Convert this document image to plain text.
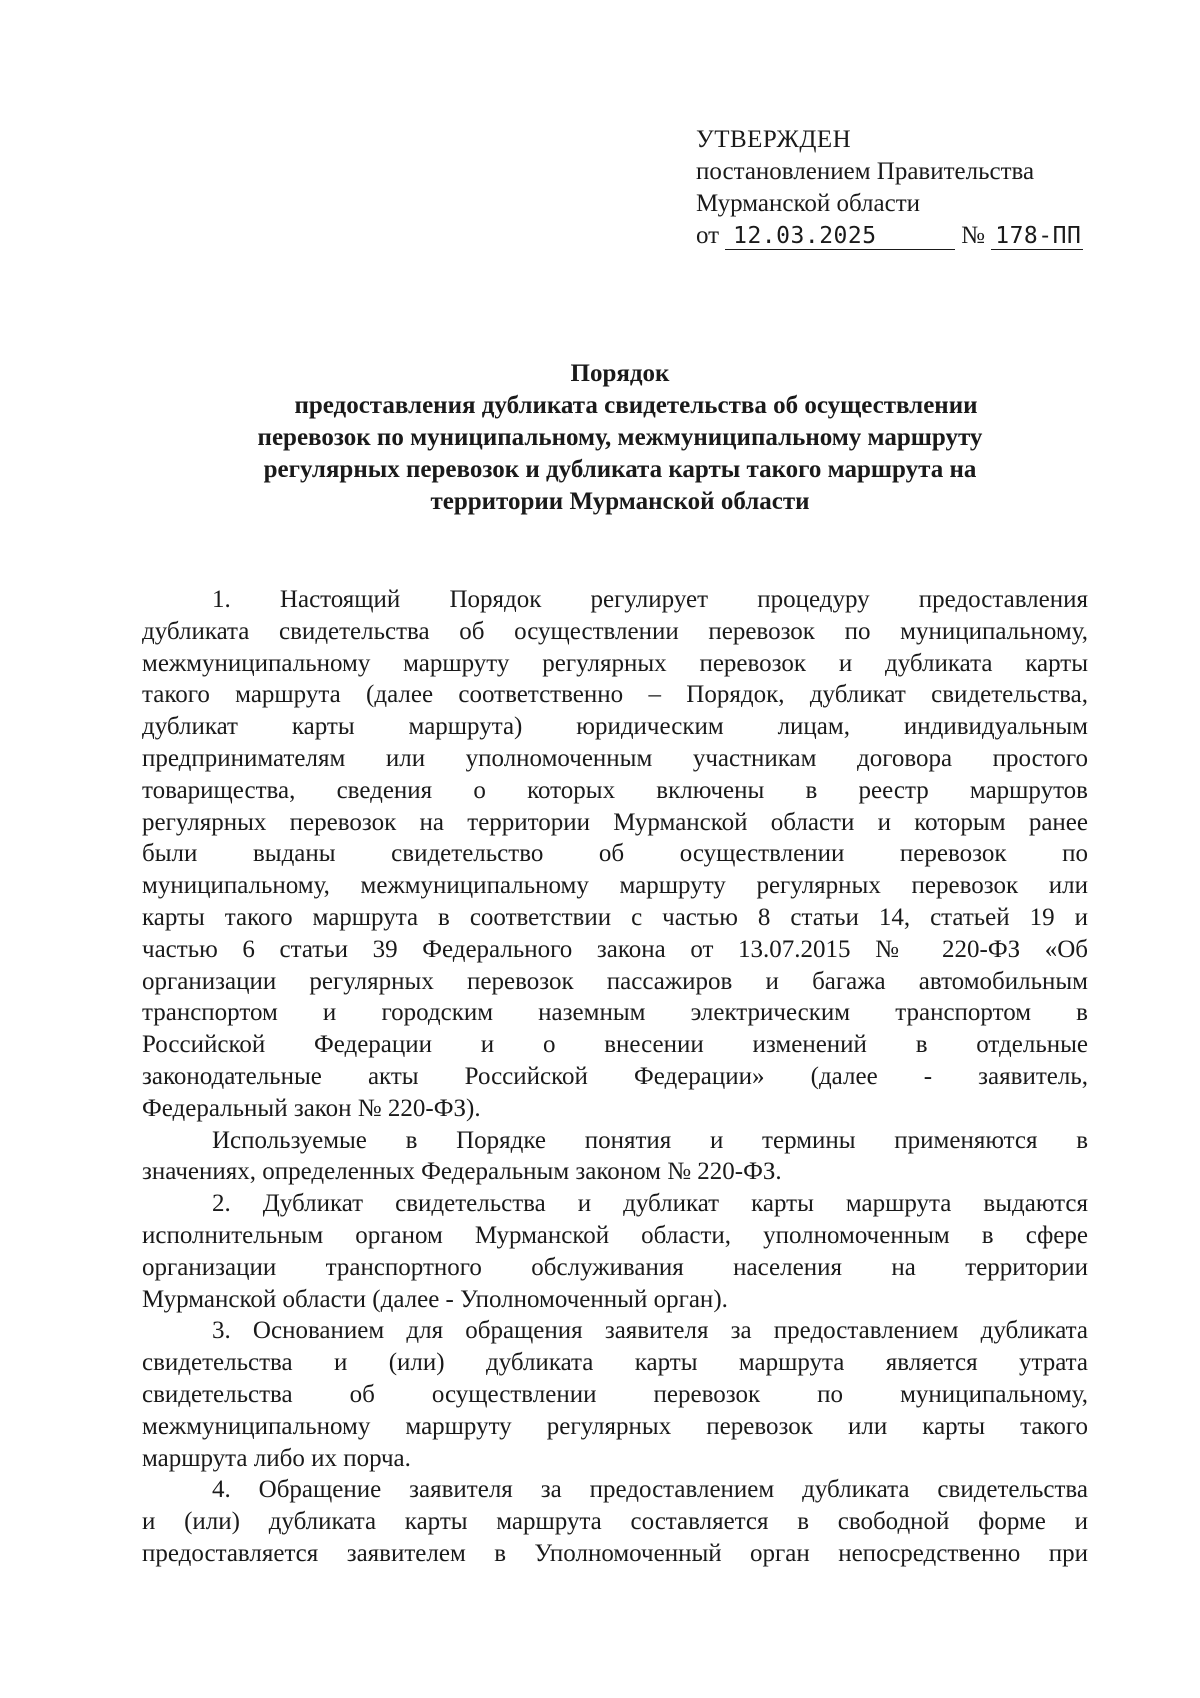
УТВЕРЖДЕН
постановлением Правительства
Мурманской области
от 12.03.2025	№ 178-ПП
Порядок
предоставления дубликата свидетельства об осуществлении
перевозок по муниципальному, межмуниципальному маршруту
регулярных перевозок и дубликата карты такого маршрута на
территории Мурманской области
1. Настоящий Порядок регулирует процедуру предоставления
дубликата свидетельства об осуществлении перевозок по муниципальному,
межмуниципальному маршруту регулярных перевозок и дубликата карты
такого маршрута (далее соответственно – Порядок, дубликат свидетельства,
дубликат карты маршрута) юридическим лицам, индивидуальным
предпринимателям или уполномоченным участникам договора простого
товарищества, сведения о которых включены в реестр маршрутов
регулярных перевозок на территории Мурманской области и которым ранее
были выданы свидетельство об осуществлении перевозок по
муниципальному, межмуниципальному маршруту регулярных перевозок или
карты такого маршрута в соответствии с частью 8 статьи 14, статьей 19 и
частью 6 статьи 39 Федерального закона от 13.07.2015 № 220-ФЗ «Об
организации регулярных перевозок пассажиров и багажа автомобильным
транспортом и городским наземным электрическим транспортом в
Российской Федерации и о внесении изменений в отдельные
законодательные акты Российской Федерации» (далее - заявитель,
Федеральный закон № 220-ФЗ).
Используемые в Порядке понятия и термины применяются в
значениях, определенных Федеральным законом № 220-ФЗ.
2. Дубликат свидетельства и дубликат карты маршрута выдаются
исполнительным органом Мурманской области, уполномоченным в сфере
организации транспортного обслуживания населения на территории
Мурманской области (далее - Уполномоченный орган).
3. Основанием для обращения заявителя за предоставлением дубликата
свидетельства и (или) дубликата карты маршрута является утрата
свидетельства об осуществлении перевозок по муниципальному,
межмуниципальному маршруту регулярных перевозок или карты такого
маршрута либо их порча.
4. Обращение заявителя за предоставлением дубликата свидетельства
и (или) дубликата карты маршрута составляется в свободной форме и
предоставляется заявителем в Уполномоченный орган непосредственно при
